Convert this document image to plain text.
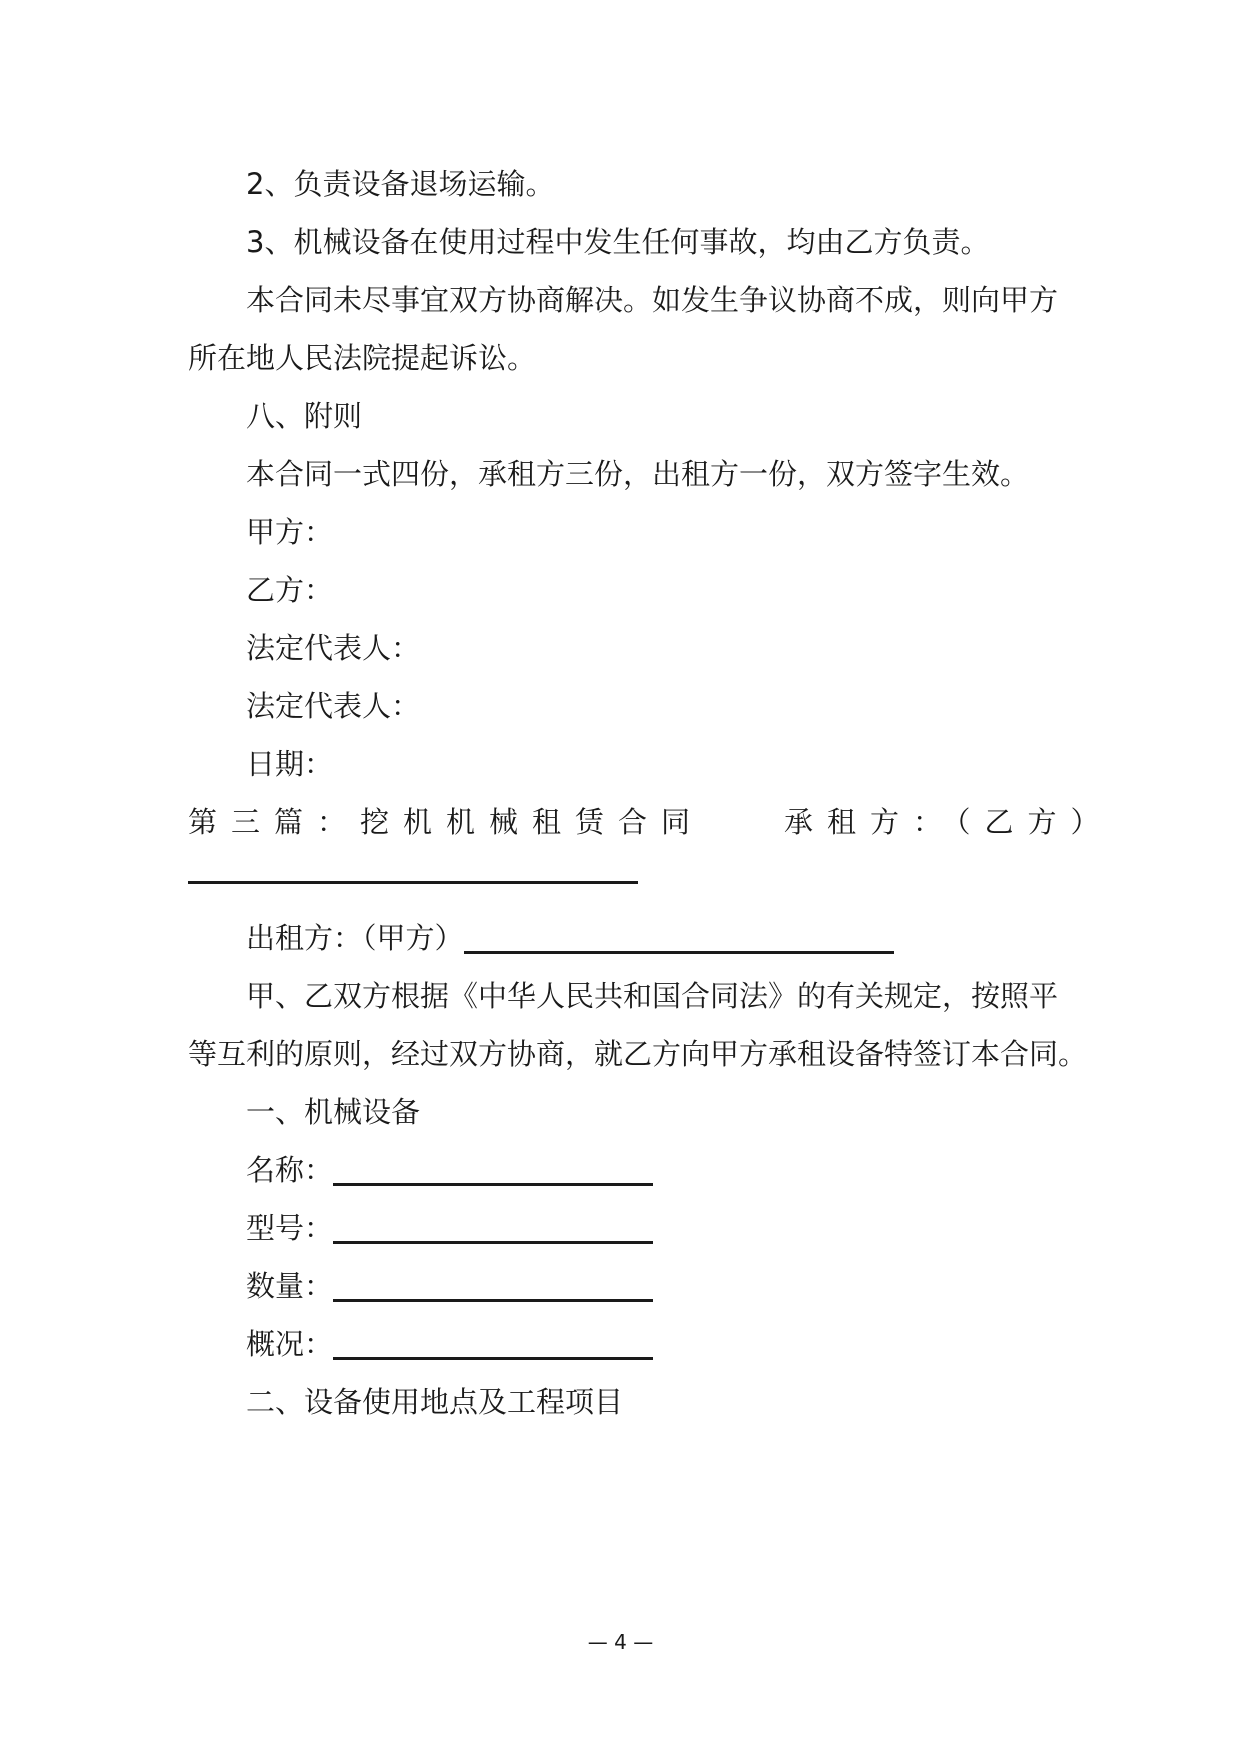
2、负责设备退场运输。
3、机械设备在使用过程中发生任何事故，均由乙方负责。
本合同未尽事宜双方协商解决。如发生争议协商不成，则向甲方
所在地人民法院提起诉讼。
八、附则
本合同一式四份，承租方三份，出租方一份，双方签字生效。
甲方：
乙方：
法定代表人：
法定代表人：
日期：
第三篇：挖机机械租赁合同	承租方：（乙方）
出租方：（甲方）
甲、乙双方根据《中华人民共和国合同法》的有关规定，按照平
等互利的原则，经过双方协商，就乙方向甲方承租设备特签订本合同。
一、机械设备
名称：
型号：
数量：
概况：
二、设备使用地点及工程项目
— 4 —
